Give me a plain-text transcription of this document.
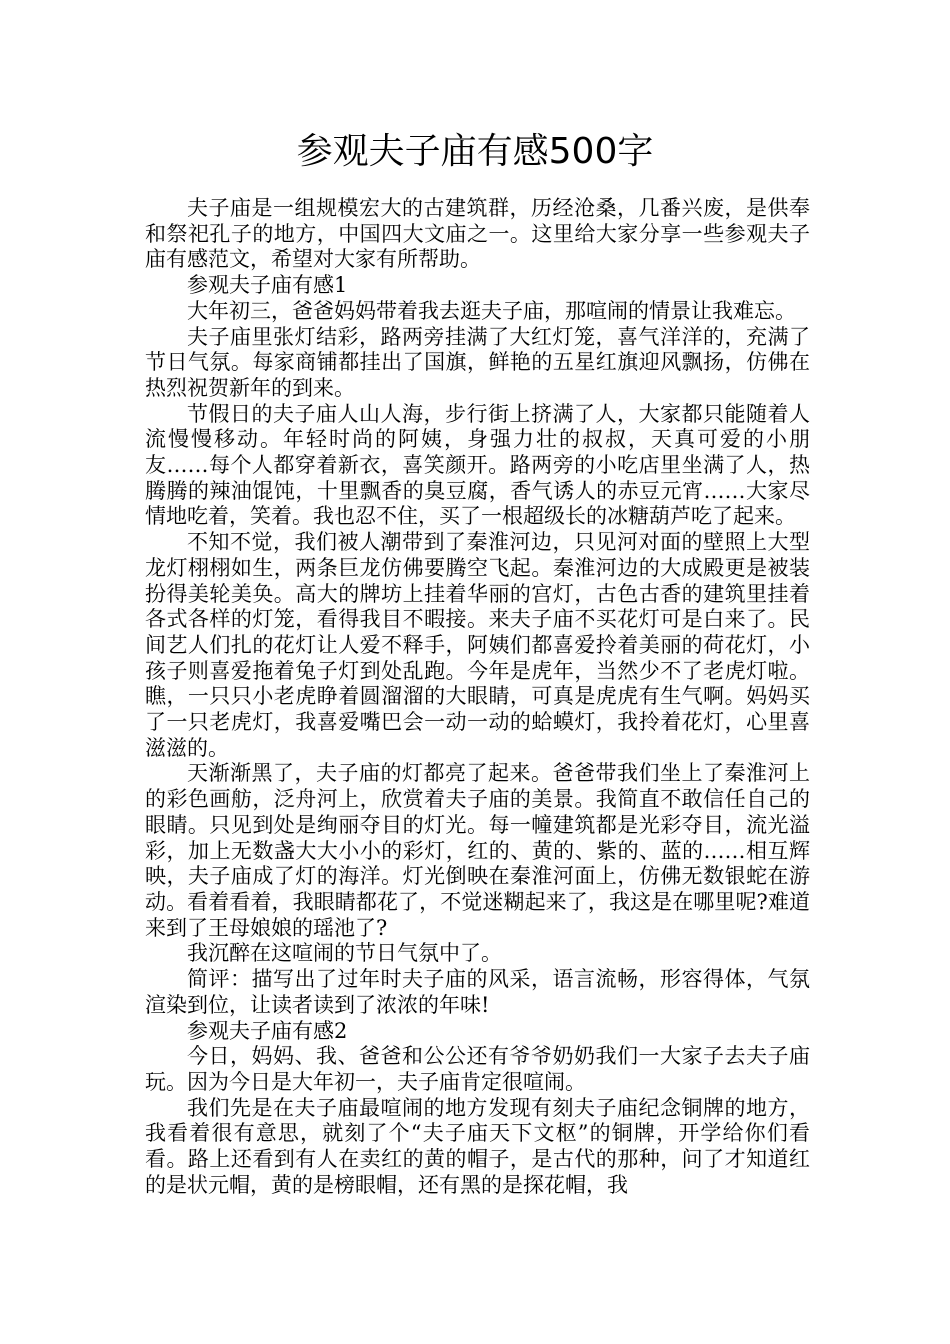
参观夫子庙有感500字

夫子庙是一组规模宏大的古建筑群，历经沧桑，几番兴废，是供奉和祭祀孔子的地方，中国四大文庙之一。这里给大家分享一些参观夫子庙有感范文，希望对大家有所帮助。

参观夫子庙有感1

大年初三，爸爸妈妈带着我去逛夫子庙，那喧闹的情景让我难忘。

夫子庙里张灯结彩，路两旁挂满了大红灯笼，喜气洋洋的，充满了节日气氛。每家商铺都挂出了国旗，鲜艳的五星红旗迎风飘扬，仿佛在热烈祝贺新年的到来。

节假日的夫子庙人山人海，步行街上挤满了人，大家都只能随着人流慢慢移动。年轻时尚的阿姨，身强力壮的叔叔，天真可爱的小朋友……每个人都穿着新衣，喜笑颜开。路两旁的小吃店里坐满了人，热腾腾的辣油馄饨，十里飘香的臭豆腐，香气诱人的赤豆元宵……大家尽情地吃着，笑着。我也忍不住，买了一根超级长的冰糖葫芦吃了起来。

不知不觉，我们被人潮带到了秦淮河边，只见河对面的壁照上大型龙灯栩栩如生，两条巨龙仿佛要腾空飞起。秦淮河边的大成殿更是被装扮得美轮美奂。高大的牌坊上挂着华丽的宫灯，古色古香的建筑里挂着各式各样的灯笼，看得我目不暇接。来夫子庙不买花灯可是白来了。民间艺人们扎的花灯让人爱不释手，阿姨们都喜爱拎着美丽的荷花灯，小孩子则喜爱拖着兔子灯到处乱跑。今年是虎年，当然少不了老虎灯啦。瞧，一只只小老虎睁着圆溜溜的大眼睛，可真是虎虎有生气啊。妈妈买了一只老虎灯，我喜爱嘴巴会一动一动的蛤蟆灯，我拎着花灯，心里喜滋滋的。

天渐渐黑了，夫子庙的灯都亮了起来。爸爸带我们坐上了秦淮河上的彩色画舫，泛舟河上，欣赏着夫子庙的美景。我简直不敢信任自己的眼睛。只见到处是绚丽夺目的灯光。每一幢建筑都是光彩夺目，流光溢彩，加上无数盏大大小小的彩灯，红的、黄的、紫的、蓝的……相互辉映，夫子庙成了灯的海洋。灯光倒映在秦淮河面上，仿佛无数银蛇在游动。看着看着，我眼睛都花了，不觉迷糊起来了，我这是在哪里呢?难道来到了王母娘娘的瑶池了?

我沉醉在这喧闹的节日气氛中了。

简评：描写出了过年时夫子庙的风采，语言流畅，形容得体，气氛渲染到位，让读者读到了浓浓的年味!

参观夫子庙有感2

今日，妈妈、我、爸爸和公公还有爷爷奶奶我们一大家子去夫子庙玩。因为今日是大年初一，夫子庙肯定很喧闹。

我们先是在夫子庙最喧闹的地方发现有刻夫子庙纪念铜牌的地方，我看着很有意思，就刻了个“夫子庙天下文枢”的铜牌，开学给你们看看。路上还看到有人在卖红的黄的帽子，是古代的那种，问了才知道红的是状元帽，黄的是榜眼帽，还有黑的是探花帽，我
